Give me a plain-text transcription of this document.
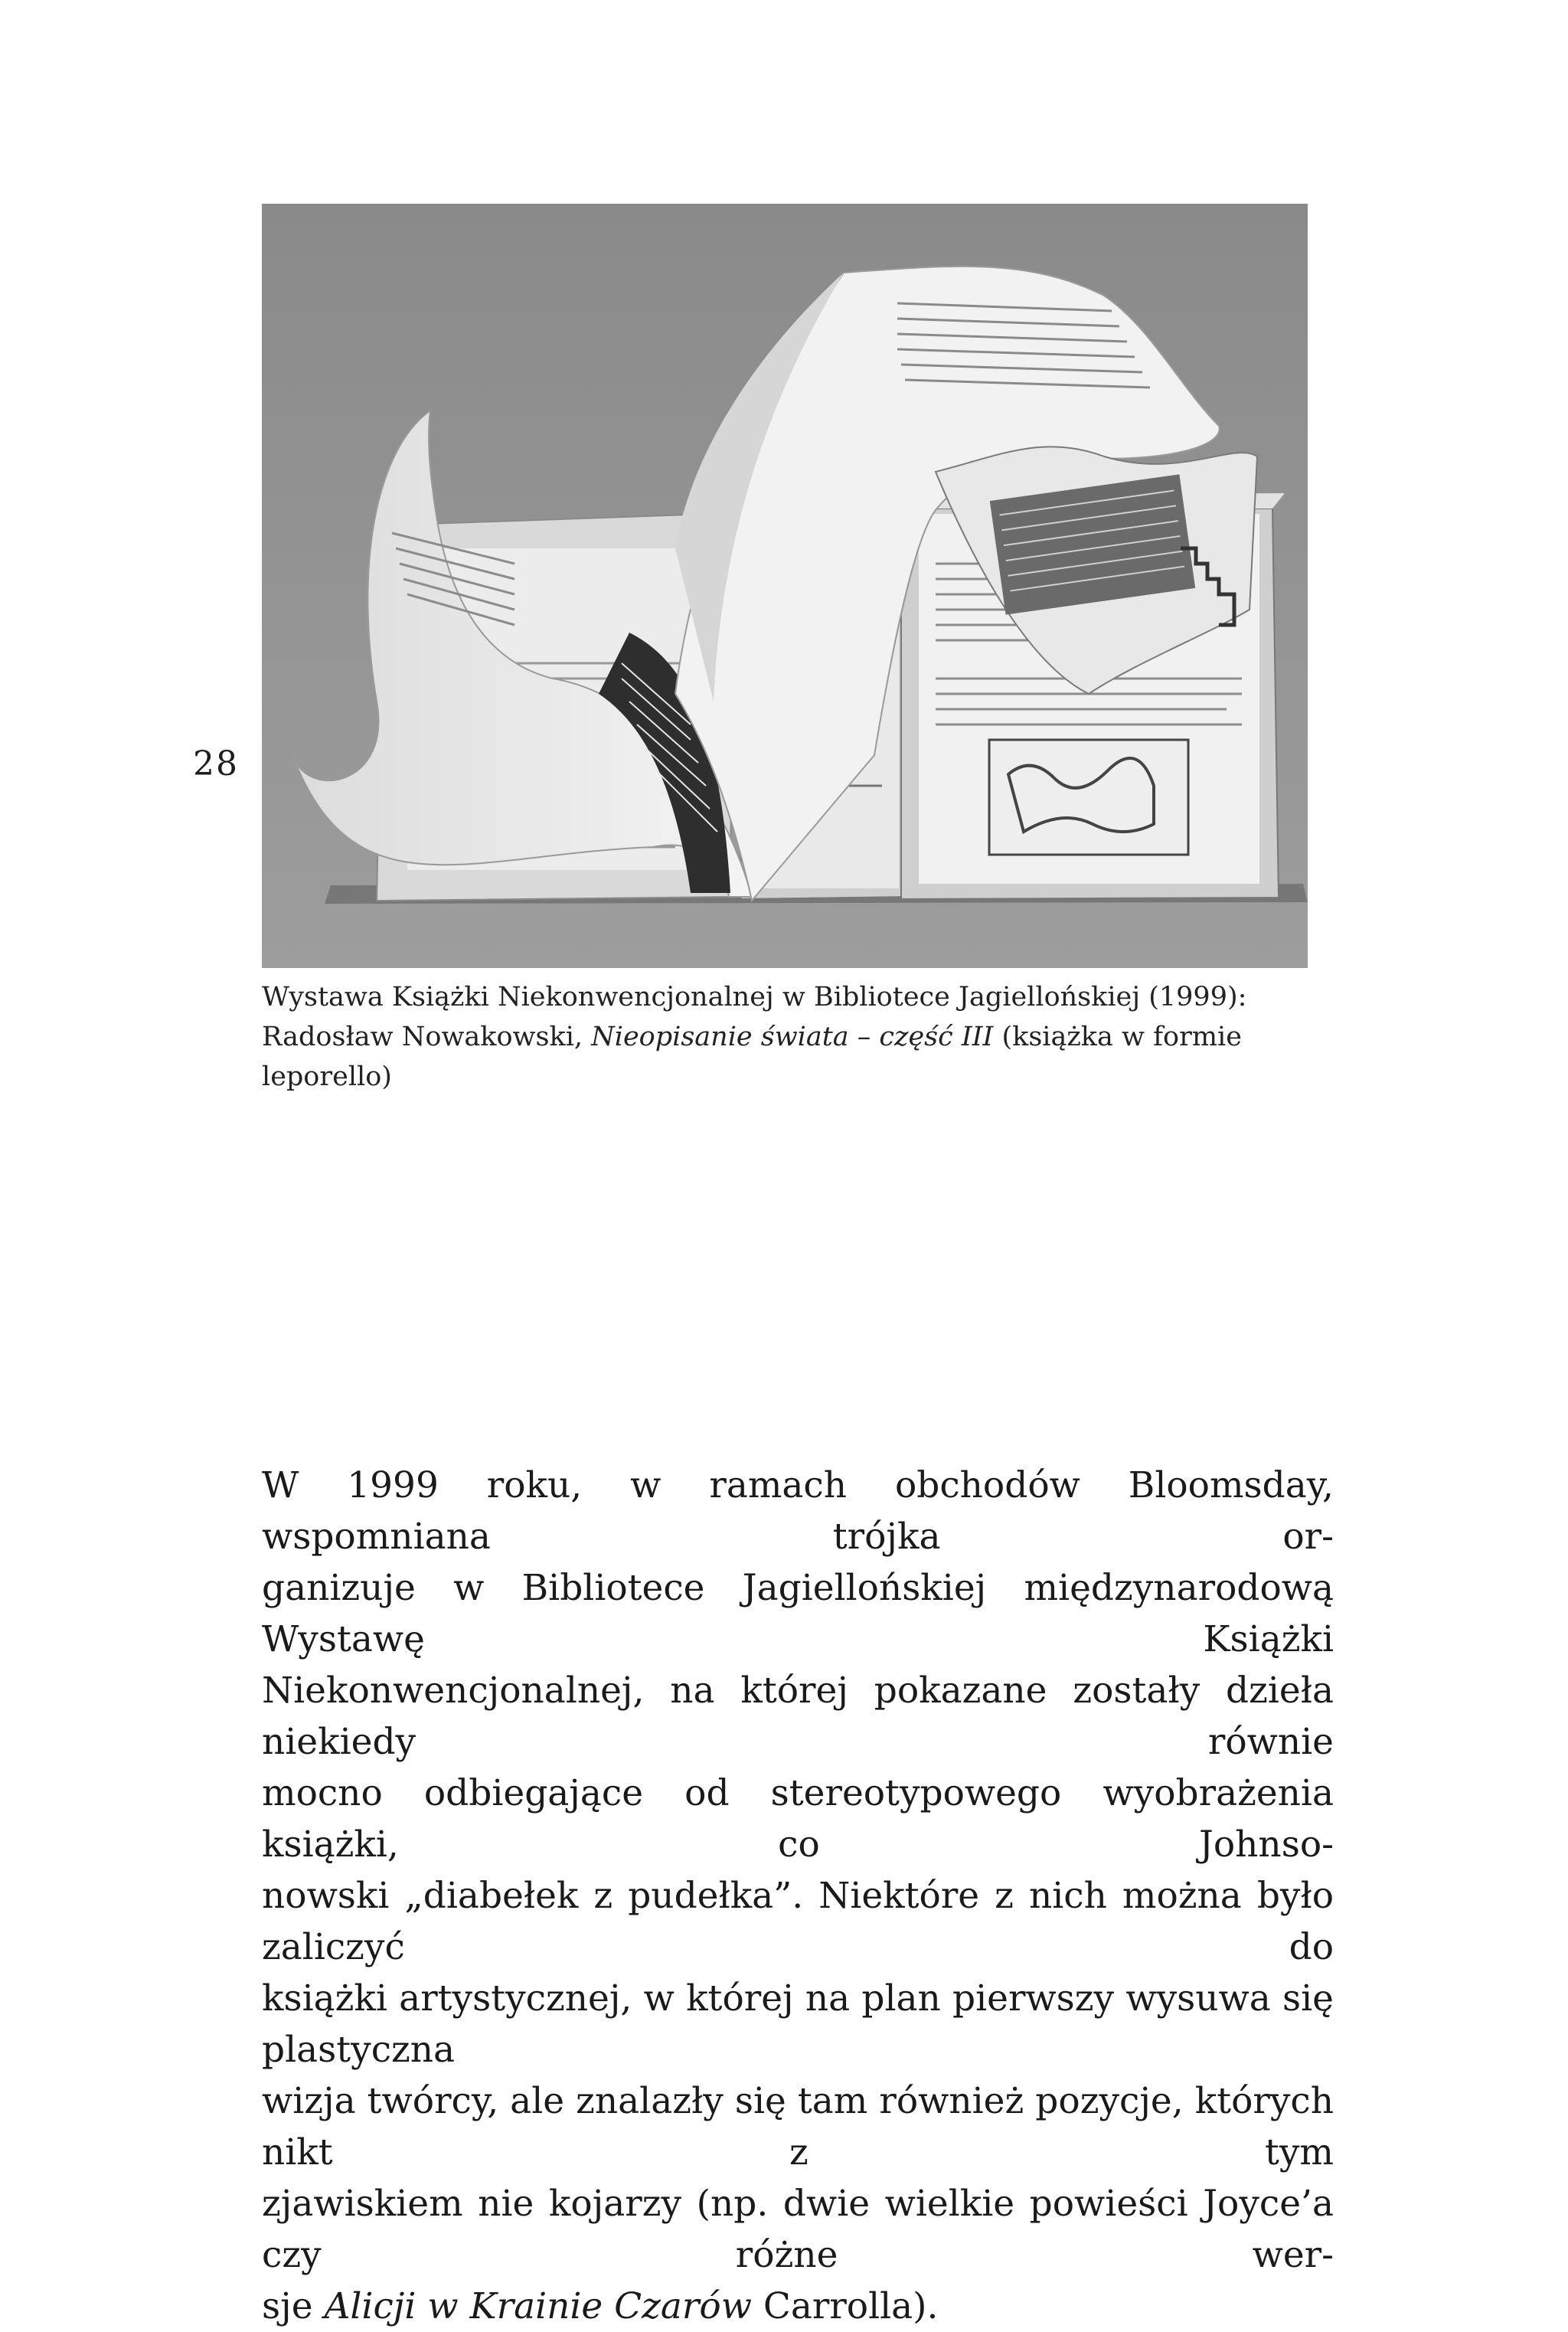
28
Wystawa Książki Niekonwencjonalnej w Bibliotece Jagiellońskiej (1999):
Radosław Nowakowski, Nieopisanie świata – część III (książka w formie leporello)
W 1999 roku, w ramach obchodów Bloomsday, wspomniana trójka or-
ganizuje w Bibliotece Jagiellońskiej międzynarodową Wystawę Książki
Niekonwencjonalnej, na której pokazane zostały dzieła niekiedy równie
mocno odbiegające od stereotypowego wyobrażenia książki, co Johnso-
nowski „diabełek z pudełka”. Niektóre z nich można było zaliczyć do
książki artystycznej, w której na plan pierwszy wysuwa się plastyczna
wizja twórcy, ale znalazły się tam również pozycje, których nikt z tym
zjawiskiem nie kojarzy (np. dwie wielkie powieści Joyce’a czy różne wer-
sje Alicji w Krainie Czarów Carrolla).
